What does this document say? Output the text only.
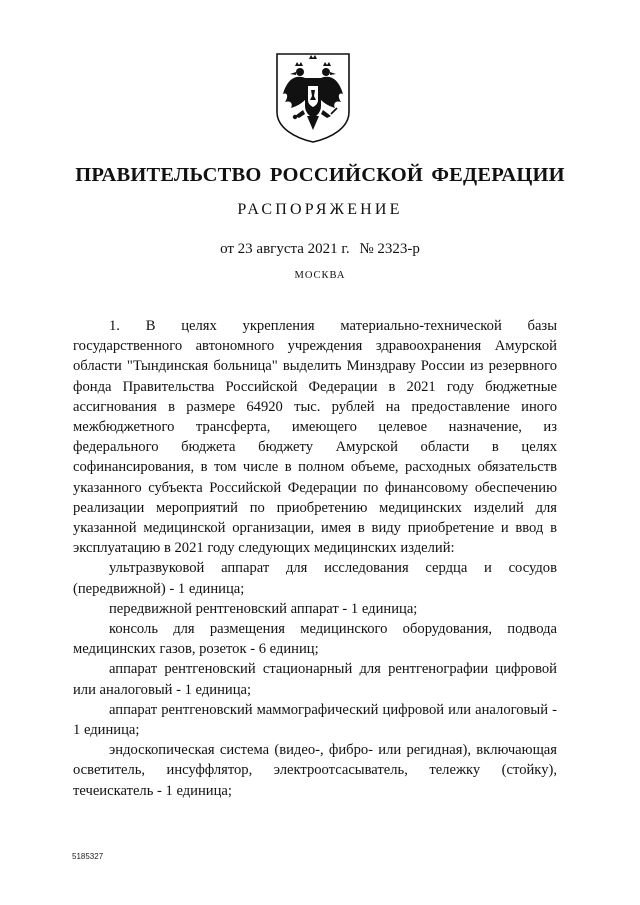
ПРАВИТЕЛЬСТВО РОССИЙСКОЙ ФЕДЕРАЦИИ
РАСПОРЯЖЕНИЕ
от 23 августа 2021 г. № 2323-р
МОСКВА

1. В целях укрепления материально-технической базы государственного автономного учреждения здравоохранения Амурской области "Тындинская больница" выделить Минздраву России из резервного фонда Правительства Российской Федерации в 2021 году бюджетные ассигнования в размере 64920 тыс. рублей на предоставление иного межбюджетного трансферта, имеющего целевое назначение, из федерального бюджета бюджету Амурской области в целях софинансирования, в том числе в полном объеме, расходных обязательств указанного субъекта Российской Федерации по финансовому обеспечению реализации мероприятий по приобретению медицинских изделий для указанной медицинской организации, имея в виду приобретение и ввод в эксплуатацию в 2021 году следующих медицинских изделий:

ультразвуковой аппарат для исследования сердца и сосудов (передвижной) - 1 единица;

передвижной рентгеновский аппарат - 1 единица;

консоль для размещения медицинского оборудования, подвода медицинских газов, розеток - 6 единиц;

аппарат рентгеновский стационарный для рентгенографии цифровой или аналоговый - 1 единица;

аппарат рентгеновский маммографический цифровой или аналоговый - 1 единица;

эндоскопическая система (видео-, фибро- или регидная), включающая осветитель, инсуффлятор, электроотсасыватель, тележку (стойку), течеискатель - 1 единица;

5185327
